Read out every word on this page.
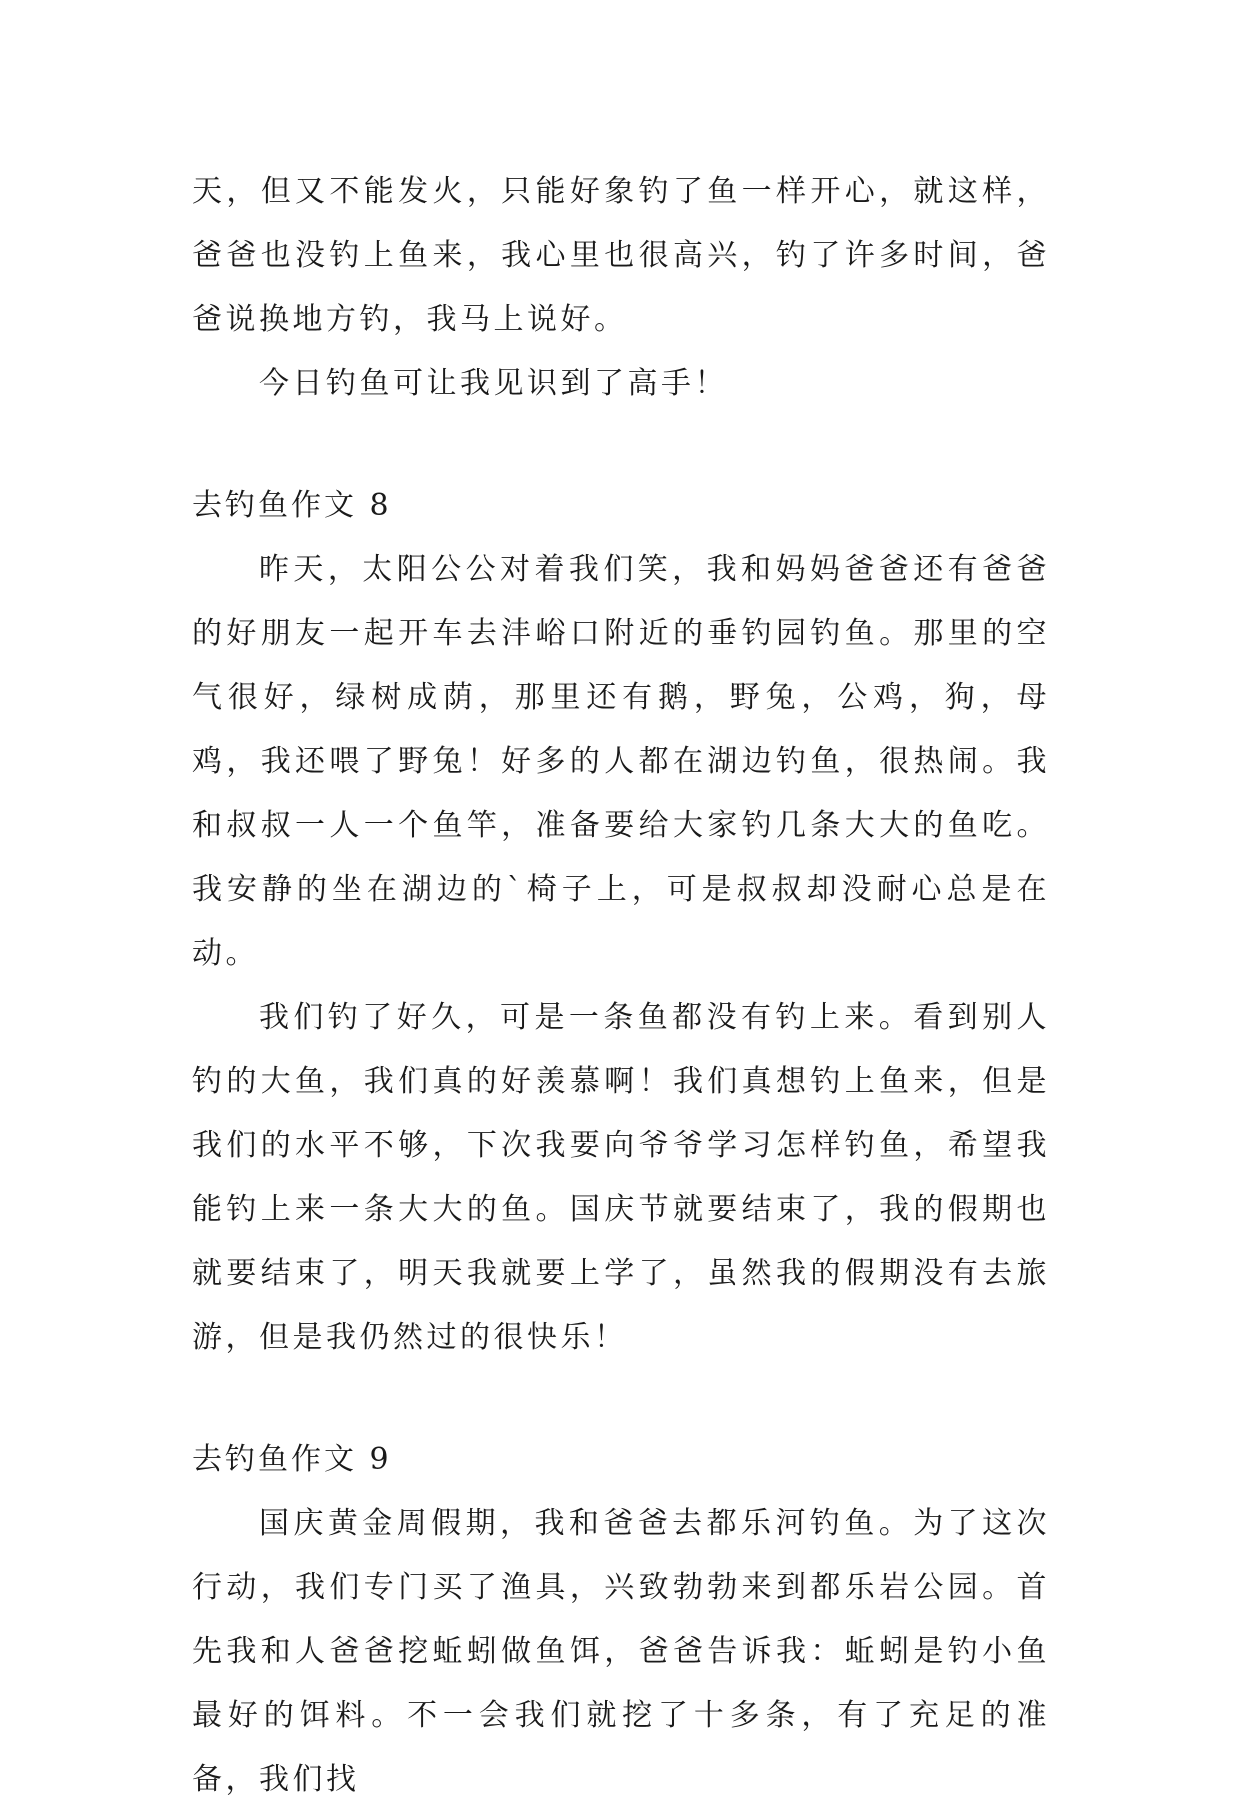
天，但又不能发火，只能好象钓了鱼一样开心，就这样，爸爸也没钓上鱼来，我心里也很高兴，钓了许多时间，爸爸说换地方钓，我马上说好。

今日钓鱼可让我见识到了高手！

去钓鱼作文 8

昨天，太阳公公对着我们笑，我和妈妈爸爸还有爸爸的好朋友一起开车去沣峪口附近的垂钓园钓鱼。那里的空气很好，绿树成荫，那里还有鹅，野兔，公鸡，狗，母鸡，我还喂了野兔！好多的人都在湖边钓鱼，很热闹。我和叔叔一人一个鱼竿，准备要给大家钓几条大大的鱼吃。我安静的坐在湖边的`椅子上，可是叔叔却没耐心总是在动。

我们钓了好久，可是一条鱼都没有钓上来。看到别人钓的大鱼，我们真的好羡慕啊！我们真想钓上鱼来，但是我们的水平不够，下次我要向爷爷学习怎样钓鱼，希望我能钓上来一条大大的鱼。国庆节就要结束了，我的假期也就要结束了，明天我就要上学了，虽然我的假期没有去旅游，但是我仍然过的很快乐！

去钓鱼作文 9

国庆黄金周假期，我和爸爸去都乐河钓鱼。为了这次行动，我们专门买了渔具，兴致勃勃来到都乐岩公园。首先我和人爸爸挖蚯蚓做鱼饵，爸爸告诉我：蚯蚓是钓小鱼最好的饵料。不一会我们就挖了十多条，有了充足的准备，我们找
